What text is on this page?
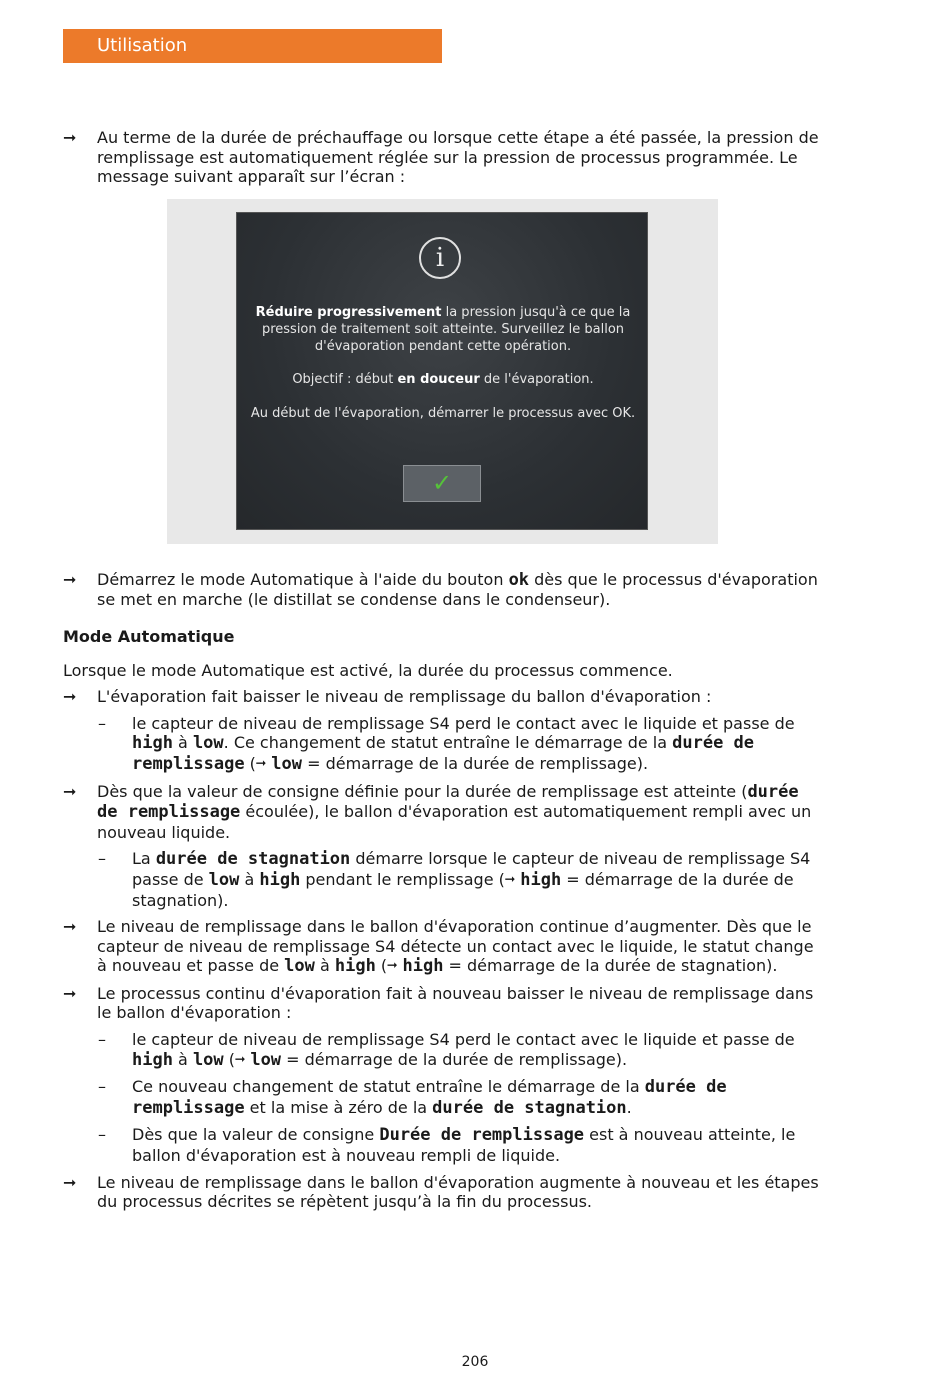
Utilisation
➞ Au terme de la durée de préchauffage ou lorsque cette étape a été passée, la pression de remplissage est automatiquement réglée sur la pression de processus programmée. Le message suivant apparaît sur l’écran :
i
Réduire progressivement la pression jusqu'à ce que la
pression de traitement soit atteinte. Surveillez le ballon
d'évaporation pendant cette opération.
Objectif : début en douceur de l'évaporation.
Au début de l'évaporation, démarrer le processus avec OK.
✓
➞ Démarrez le mode Automatique à l'aide du bouton ok dès que le processus d'évaporation se met en marche (le distillat se condense dans le condenseur).
Mode Automatique
Lorsque le mode Automatique est activé, la durée du processus commence.
➞ L'évaporation fait baisser le niveau de remplissage du ballon d'évaporation :
– le capteur de niveau de remplissage S4 perd le contact avec le liquide et passe de high à low. Ce changement de statut entraîne le démarrage de la durée de remplissage (➞ low = démarrage de la durée de remplissage).
➞ Dès que la valeur de consigne définie pour la durée de remplissage est atteinte (durée de remplissage écoulée), le ballon d'évaporation est automatiquement rempli avec un nouveau liquide.
– La durée de stagnation démarre lorsque le capteur de niveau de remplissage S4 passe de low à high pendant le remplissage (➞ high = démarrage de la durée de stagnation).
➞ Le niveau de remplissage dans le ballon d'évaporation continue d’augmenter. Dès que le capteur de niveau de remplissage S4 détecte un contact avec le liquide, le statut change à nouveau et passe de low à high (➞ high = démarrage de la durée de stagnation).
➞ Le processus continu d'évaporation fait à nouveau baisser le niveau de remplissage dans le ballon d'évaporation :
– le capteur de niveau de remplissage S4 perd le contact avec le liquide et passe de high à low (➞ low = démarrage de la durée de remplissage).
– Ce nouveau changement de statut entraîne le démarrage de la durée de remplissage et la mise à zéro de la durée de stagnation.
– Dès que la valeur de consigne Durée de remplissage est à nouveau atteinte, le ballon d'évaporation est à nouveau rempli de liquide.
➞ Le niveau de remplissage dans le ballon d'évaporation augmente à nouveau et les étapes du processus décrites se répètent jusqu’à la fin du processus.
206
